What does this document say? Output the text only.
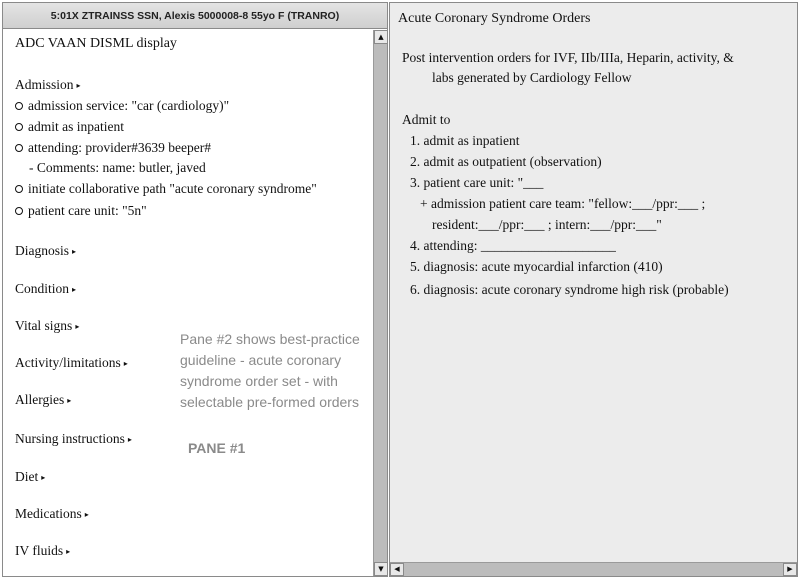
5:01X ZTRAINSS SSN, Alexis 5000008-8 55yo F (TRANRO)
ADC VAAN DISML display
Admission ▸
admission service: "car (cardiology)"
admit as inpatient
attending: provider#3639 beeper#
- Comments: name: butler, javed
initiate collaborative path "acute coronary syndrome"
patient care unit: "5n"
Diagnosis ▸
Condition ▸
Vital signs ▸
Activity/limitations ▸
Allergies ▸
Nursing instructions ▸
Diet ▸
Medications ▸
IV fluids ▸
Pane #2 shows best-practice guideline - acute coronary syndrome order set - with selectable pre-formed orders
PANE #1
▲
▼
Acute Coronary Syndrome Orders
Post intervention orders for IVF, IIb/IIIa, Heparin, activity, &
labs generated by Cardiology Fellow
Admit to
1. admit as inpatient
2. admit as outpatient (observation)
3. patient care unit: "___
+ admission patient care team: "fellow:___/ppr:___ ;
resident:___/ppr:___ ; intern:___/ppr:___"
4. attending: ____________________
5. diagnosis: acute myocardial infarction (410)
6. diagnosis: acute coronary syndrome high risk (probable)
◀	▶
